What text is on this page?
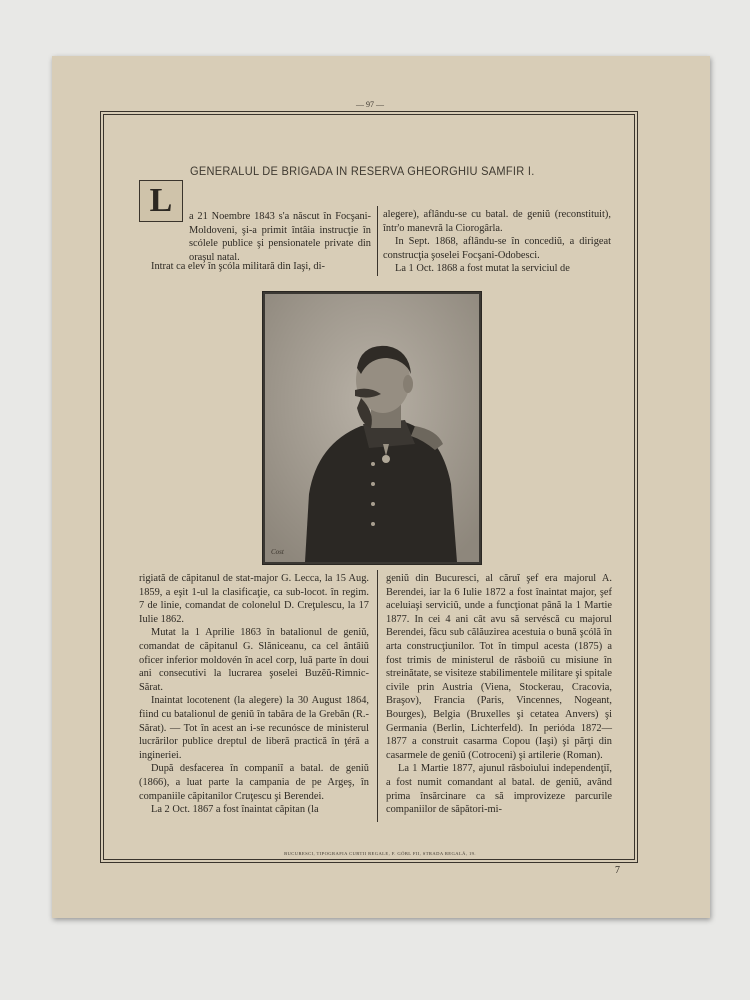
— 97 —
GENERALUL DE BRIGADA IN RESERVA GHEORGHIU SAMFIR I.
L	a 21 Noembre 1843 s'a născut în Focşani-Moldoveni, şi-a primit întâia instrucţie în scólele publice şi pensionatele private din oraşul natal.

Intrat ca elev în şcóla militară din Iaşi, di-

alegere), aflându-se cu batal. de geniŭ (reconstituit), într'o manevră la Ciorogârla.

In Sept. 1868, aflându-se în concediŭ, a dirigeat construcţia şoselei Focşani-Odobesci.

La 1 Oct. 1868 a fost mutat la serviciul de

Cost

rigiată de căpitanul de stat-major G. Lecca, la 15 Aug. 1859, a eşit 1-ul la clasificaţie, ca sub-locot. în regim. 7 de linie, comandat de colonelul D. Creţulescu, la 17 Iulie 1862.

Mutat la 1 Aprilie 1863 în batalionul de geniŭ, comandat de căpitanul G. Slăniceanu, ca cel ântâiŭ oficer inferior moldovén în acel corp, luă parte în doui ani consecutivi la lucrarea şoselei Buzĕŭ-Rimnic-Sărat.

Inaintat locotenent (la alegere) la 30 August 1864, fiind cu batalionul de geniŭ în tabăra de la Grebăn (R.-Sărat). — Tot în acest an i-se recunósce de ministerul lucrărilor publice dreptul de liberă practică în ţéră a ingineriei.

După desfacerea în companiĭ a batal. de geniŭ (1866), a luat parte la campania de pe Argeş, în companiile căpitanilor Cruţescu şi Berendei.

La 2 Oct. 1867 a fost înaintat căpitan (la

geniŭ din Bucuresci, al căruĭ şef era majorul A. Berendei, iar la 6 Iulie 1872 a fost înaintat major, şef aceluiaşi serviciŭ, unde a funcţionat până la 1 Martie 1877. In cei 4 ani cât avu să servéscă cu majorul Berendei, făcu sub călăuzirea acestuia o bună şcólă în arta construcţiunilor. Tot în timpul acesta (1875) a fost trimis de ministerul de răsboiŭ cu misiune în streinătate, se visiteze stabilimentele militare şi spitale civile prin Austria (Viena, Stockerau, Cracovia, Braşov), Francia (Paris, Vincennes, Nogeant, Bourges), Belgia (Bruxelles şi cetatea Anvers) şi Germania (Berlin, Lichterfeld). In perióda 1872—1877 a construit casarma Copou (Iaşi) şi părţi din casarmele de geniŭ (Cotroceni) şi artilerie (Roman).

La 1 Martie 1877, ajunul răsboiului independenţiĭ, a fost numit comandant al batal. de geniŭ, având prima însărcinare ca să improvizeze parcurile companiilor de săpători-mi-

BUCURESCI, TIPOGRAFIA CURTII REGALE, F. GÖBL FII, STRADA REGALĂ, 19.
7
